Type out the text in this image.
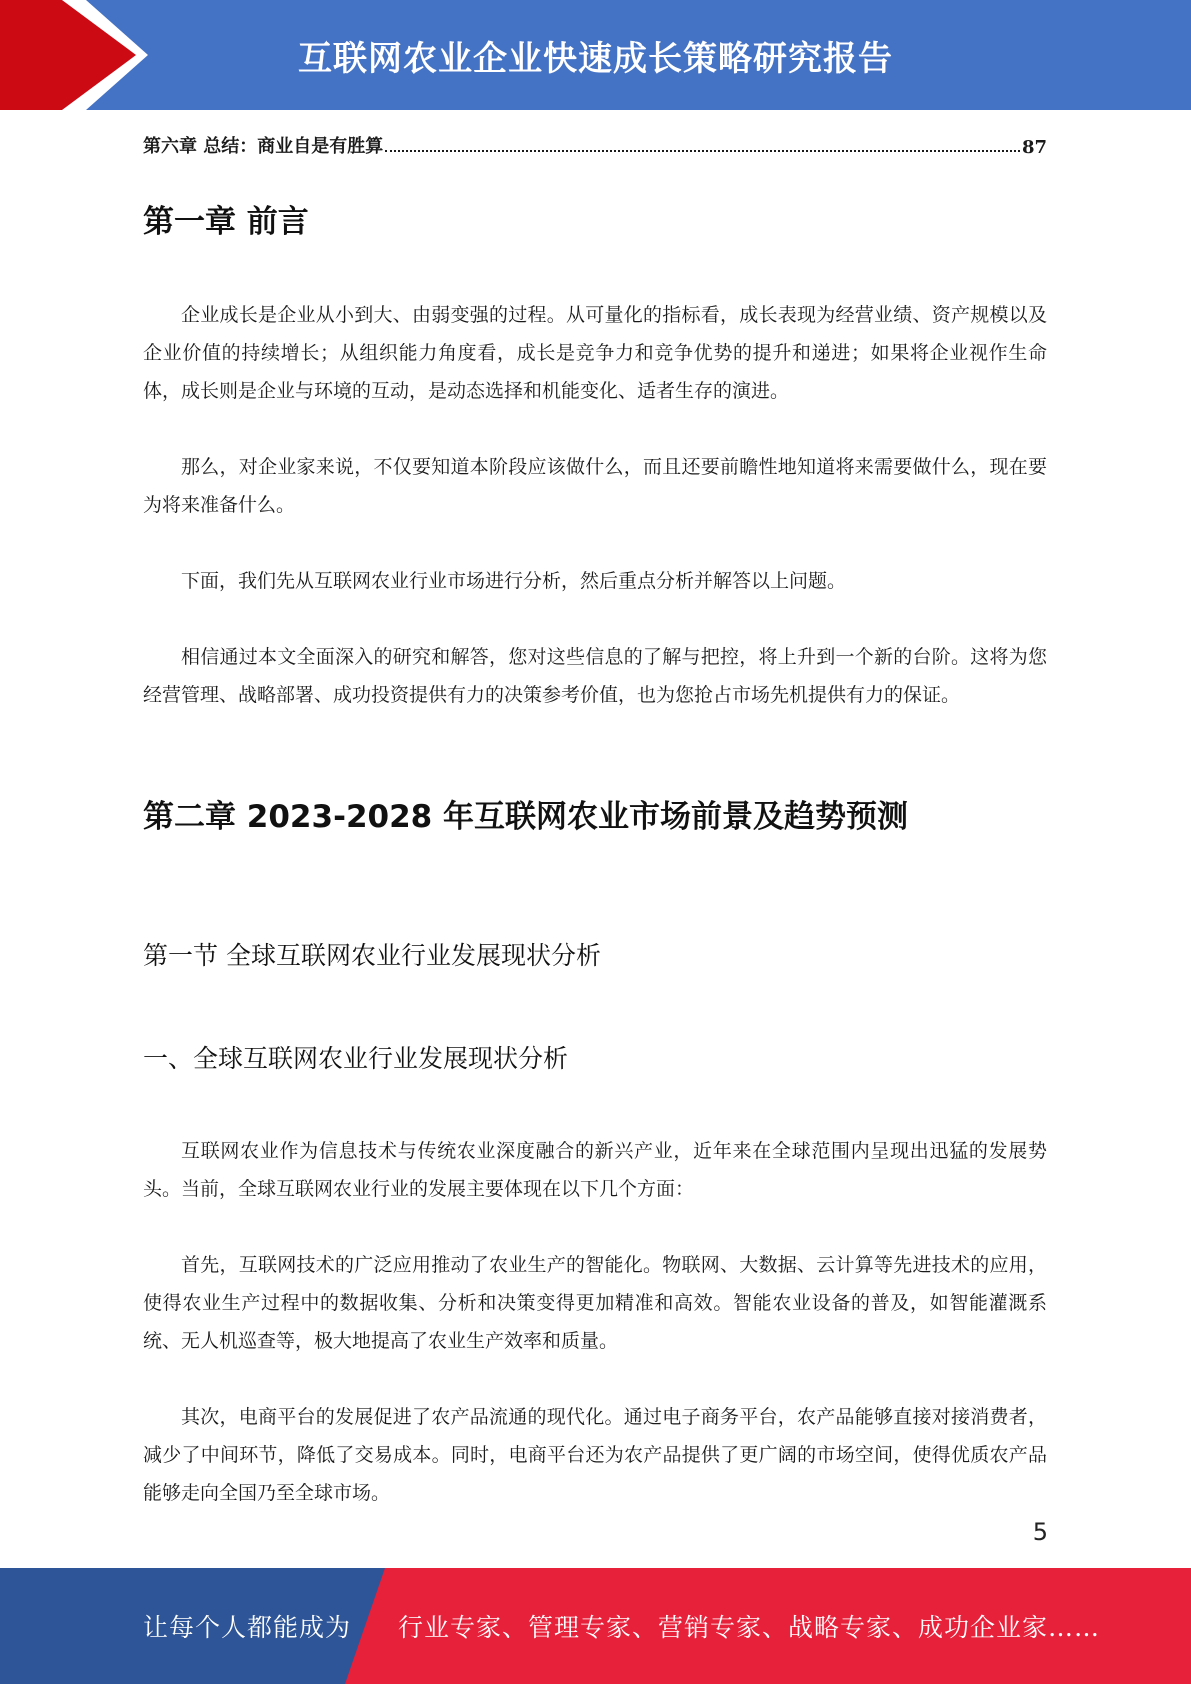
互联网农业企业快速成长策略研究报告
第六章 总结：商业自是有胜算	87
第一章 前言

企业成长是企业从小到大、由弱变强的过程。从可量化的指标看，成长表现为经营业绩、资产规模以及企业价值的持续增长；从组织能力角度看，成长是竞争力和竞争优势的提升和递进；如果将企业视作生命体，成长则是企业与环境的互动，是动态选择和机能变化、适者生存的演进。

那么，对企业家来说，不仅要知道本阶段应该做什么，而且还要前瞻性地知道将来需要做什么，现在要为将来准备什么。

下面，我们先从互联网农业行业市场进行分析，然后重点分析并解答以上问题。

相信通过本文全面深入的研究和解答，您对这些信息的了解与把控，将上升到一个新的台阶。这将为您经营管理、战略部署、成功投资提供有力的决策参考价值，也为您抢占市场先机提供有力的保证。

第二章 2023-2028 年互联网农业市场前景及趋势预测
第一节 全球互联网农业行业发展现状分析
一、全球互联网农业行业发展现状分析

互联网农业作为信息技术与传统农业深度融合的新兴产业，近年来在全球范围内呈现出迅猛的发展势头。当前，全球互联网农业行业的发展主要体现在以下几个方面：

首先，互联网技术的广泛应用推动了农业生产的智能化。物联网、大数据、云计算等先进技术的应用，使得农业生产过程中的数据收集、分析和决策变得更加精准和高效。智能农业设备的普及，如智能灌溉系统、无人机巡查等，极大地提高了农业生产效率和质量。

其次，电商平台的发展促进了农产品流通的现代化。通过电子商务平台，农产品能够直接对接消费者，减少了中间环节，降低了交易成本。同时，电商平台还为农产品提供了更广阔的市场空间，使得优质农产品能够走向全国乃至全球市场。

5
让每个人都能成为 行业专家、管理专家、营销专家、战略专家、成功企业家……
